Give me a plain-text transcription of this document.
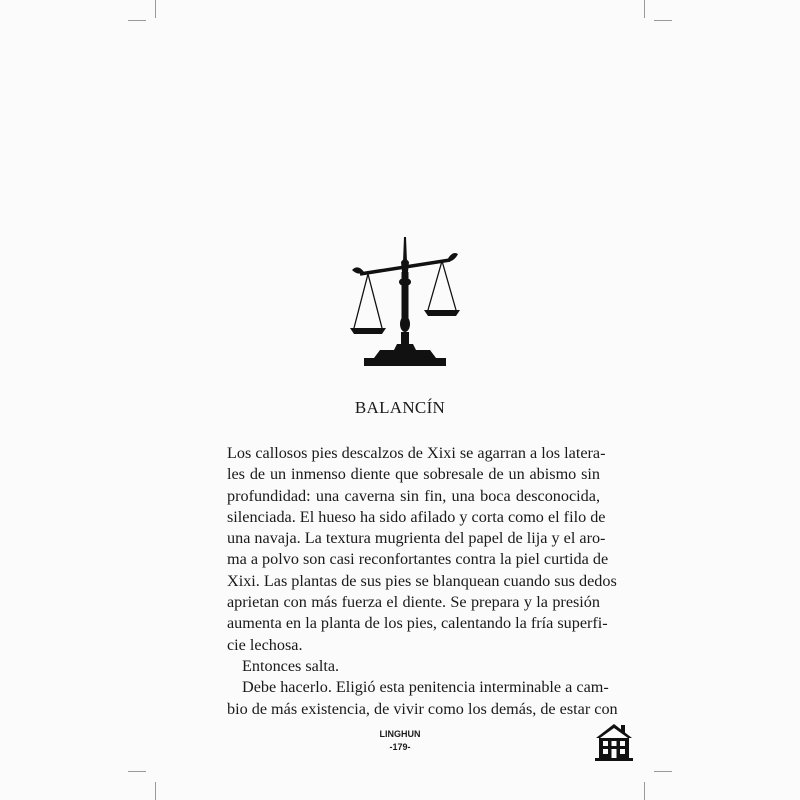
BALANCÍN
Los callosos pies descalzos de Xixi se agarran a los latera-
les de un inmenso diente que sobresale de un abismo sin
profundidad: una caverna sin fin, una boca desconocida,
silenciada. El hueso ha sido afilado y corta como el filo de
una navaja. La textura mugrienta del papel de lija y el aro-
ma a polvo son casi reconfortantes contra la piel curtida de
Xixi. Las plantas de sus pies se blanquean cuando sus dedos
aprietan con más fuerza el diente. Se prepara y la presión
aumenta en la planta de los pies, calentando la fría superfi-
cie lechosa.
Entonces salta.
Debe hacerlo. Eligió esta penitencia interminable a cam-
bio de más existencia, de vivir como los demás, de estar con
LINGHUN
-179-
